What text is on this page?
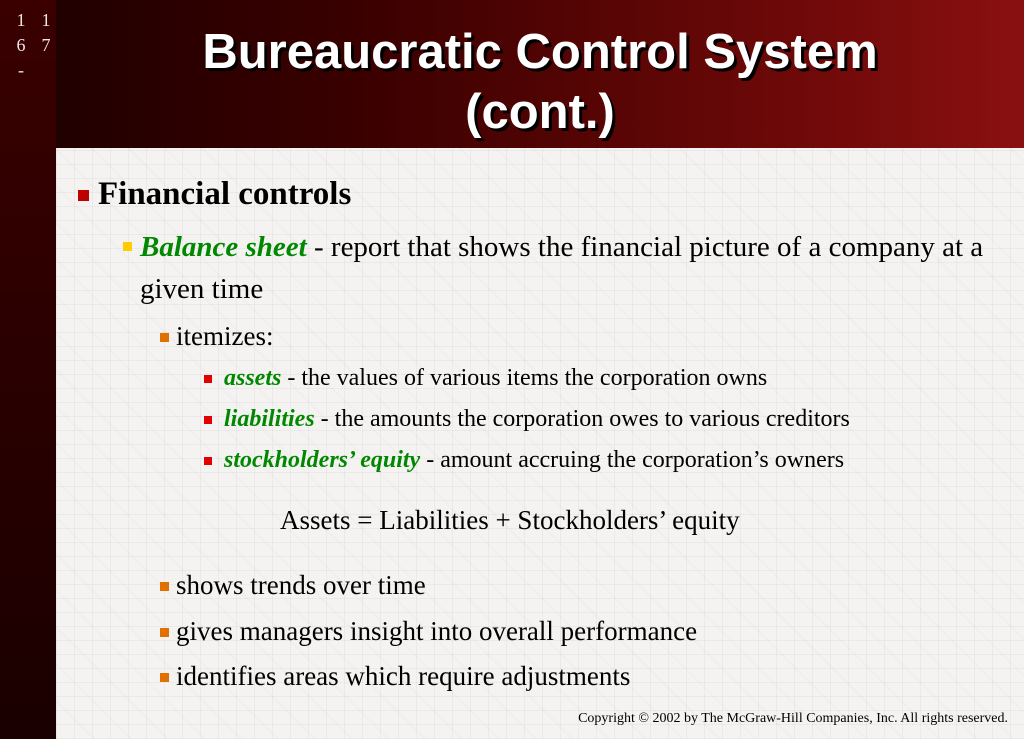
1 1
6 7
-	Bureaucratic Control System
(cont.)
Financial controls
Balance sheet - report that shows the financial picture of a company at a given time
itemizes:
assets - the values of various items the corporation owns
liabilities - the amounts the corporation owes to various creditors
stockholders’ equity - amount accruing the corporation’s owners
Assets = Liabilities + Stockholders’ equity
shows trends over time
gives managers insight into overall performance
identifies areas which require adjustments
Copyright © 2002 by The McGraw-Hill Companies, Inc. All rights reserved.
